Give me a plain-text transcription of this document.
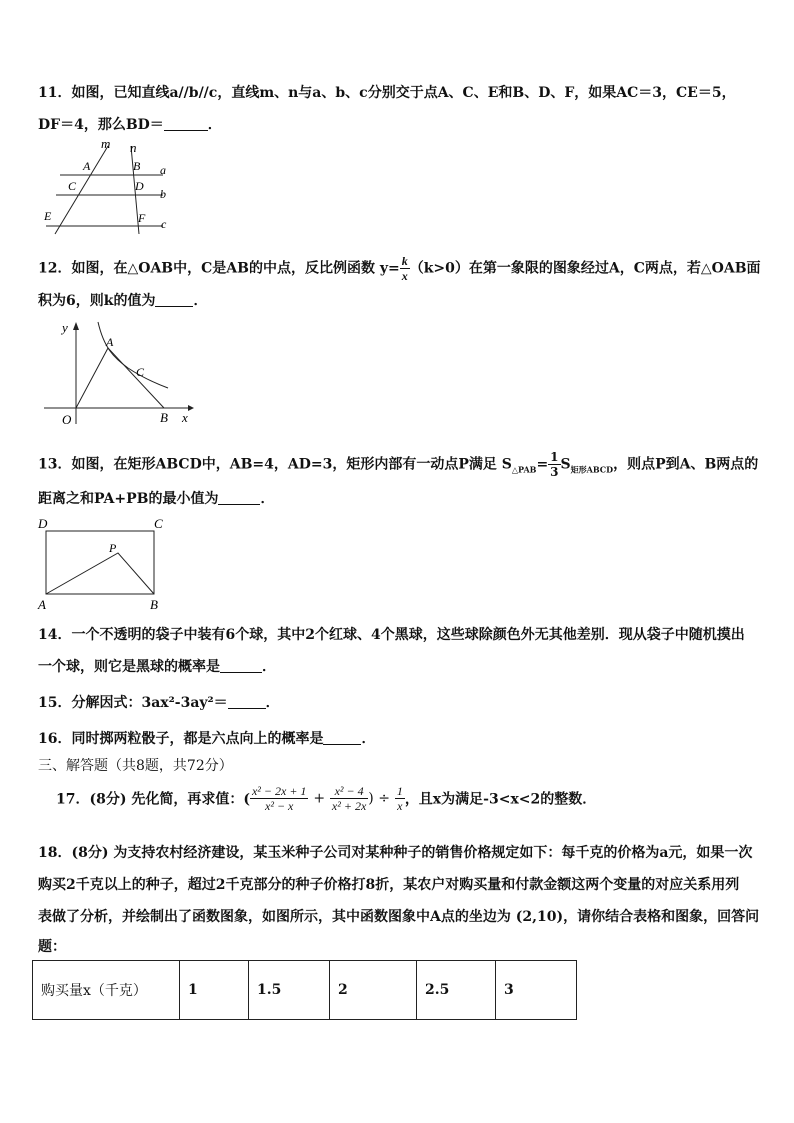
11．如图，已知直线a//b//c，直线m、n与a、b、c分别交于点A、C、E和B、D、F，如果AC＝3，CE＝5，
DF＝4，那么BD＝	．
m n
A	B a
C	D
b
E	F c
12．如图，在△OAB中，C是AB的中点，反比例函数 $y= \frac{k}{x} (k>0)$在第一象限的图象经过A，C两点，若△OAB面
积为6，则k的值为	．
y
x
O
A
C
B
13．如图，在矩形ABCD中，AB=4，AD=3，矩形内部有一动点P满足 $S_{\triangle PAB}= \frac{1}{3} S_{矩形ABCD}$，则点P到A、B两点的
距离之和PA+PB的最小值为	．
D	C
P
A	B
14．一个不透明的袋子中装有6个球，其中2个红球、4个黑球，这些球除颜色外无其他差别．现从袋子中随机摸出
一个球，则它是黑球的概率是	．
15．分解因式：3ax²-3ay²＝	．
16．同时掷两粒骰子，都是六点向上的概率是	．
三、解答题（共8题，共72分）
17．(8分) 先化简，再求值：( $\frac{\text{x² − 2x + 1}}{\text{x² − x}} + \frac{\text{x² − 4}}{\text{x² + 2x}}$ ) ÷ $\frac{1}{x}$ ，且x为满足-3<x<2的整数．
18．(8分) 为支持农村经济建设，某玉米种子公司对某种种子的销售价格规定如下：每千克的价格为a元，如果一次
购买2千克以上的种子，超过2千克部分的种子价格打8折，某农户对购买量和付款金额这两个变量的对应关系用列
表做了分析，并绘制出了函数图象，如图所示，其中函数图象中A点的坐边为 (2,10)，请你结合表格和图象，回答问
题：
购买量x（千克）	1	1.5	2	2.5	3
